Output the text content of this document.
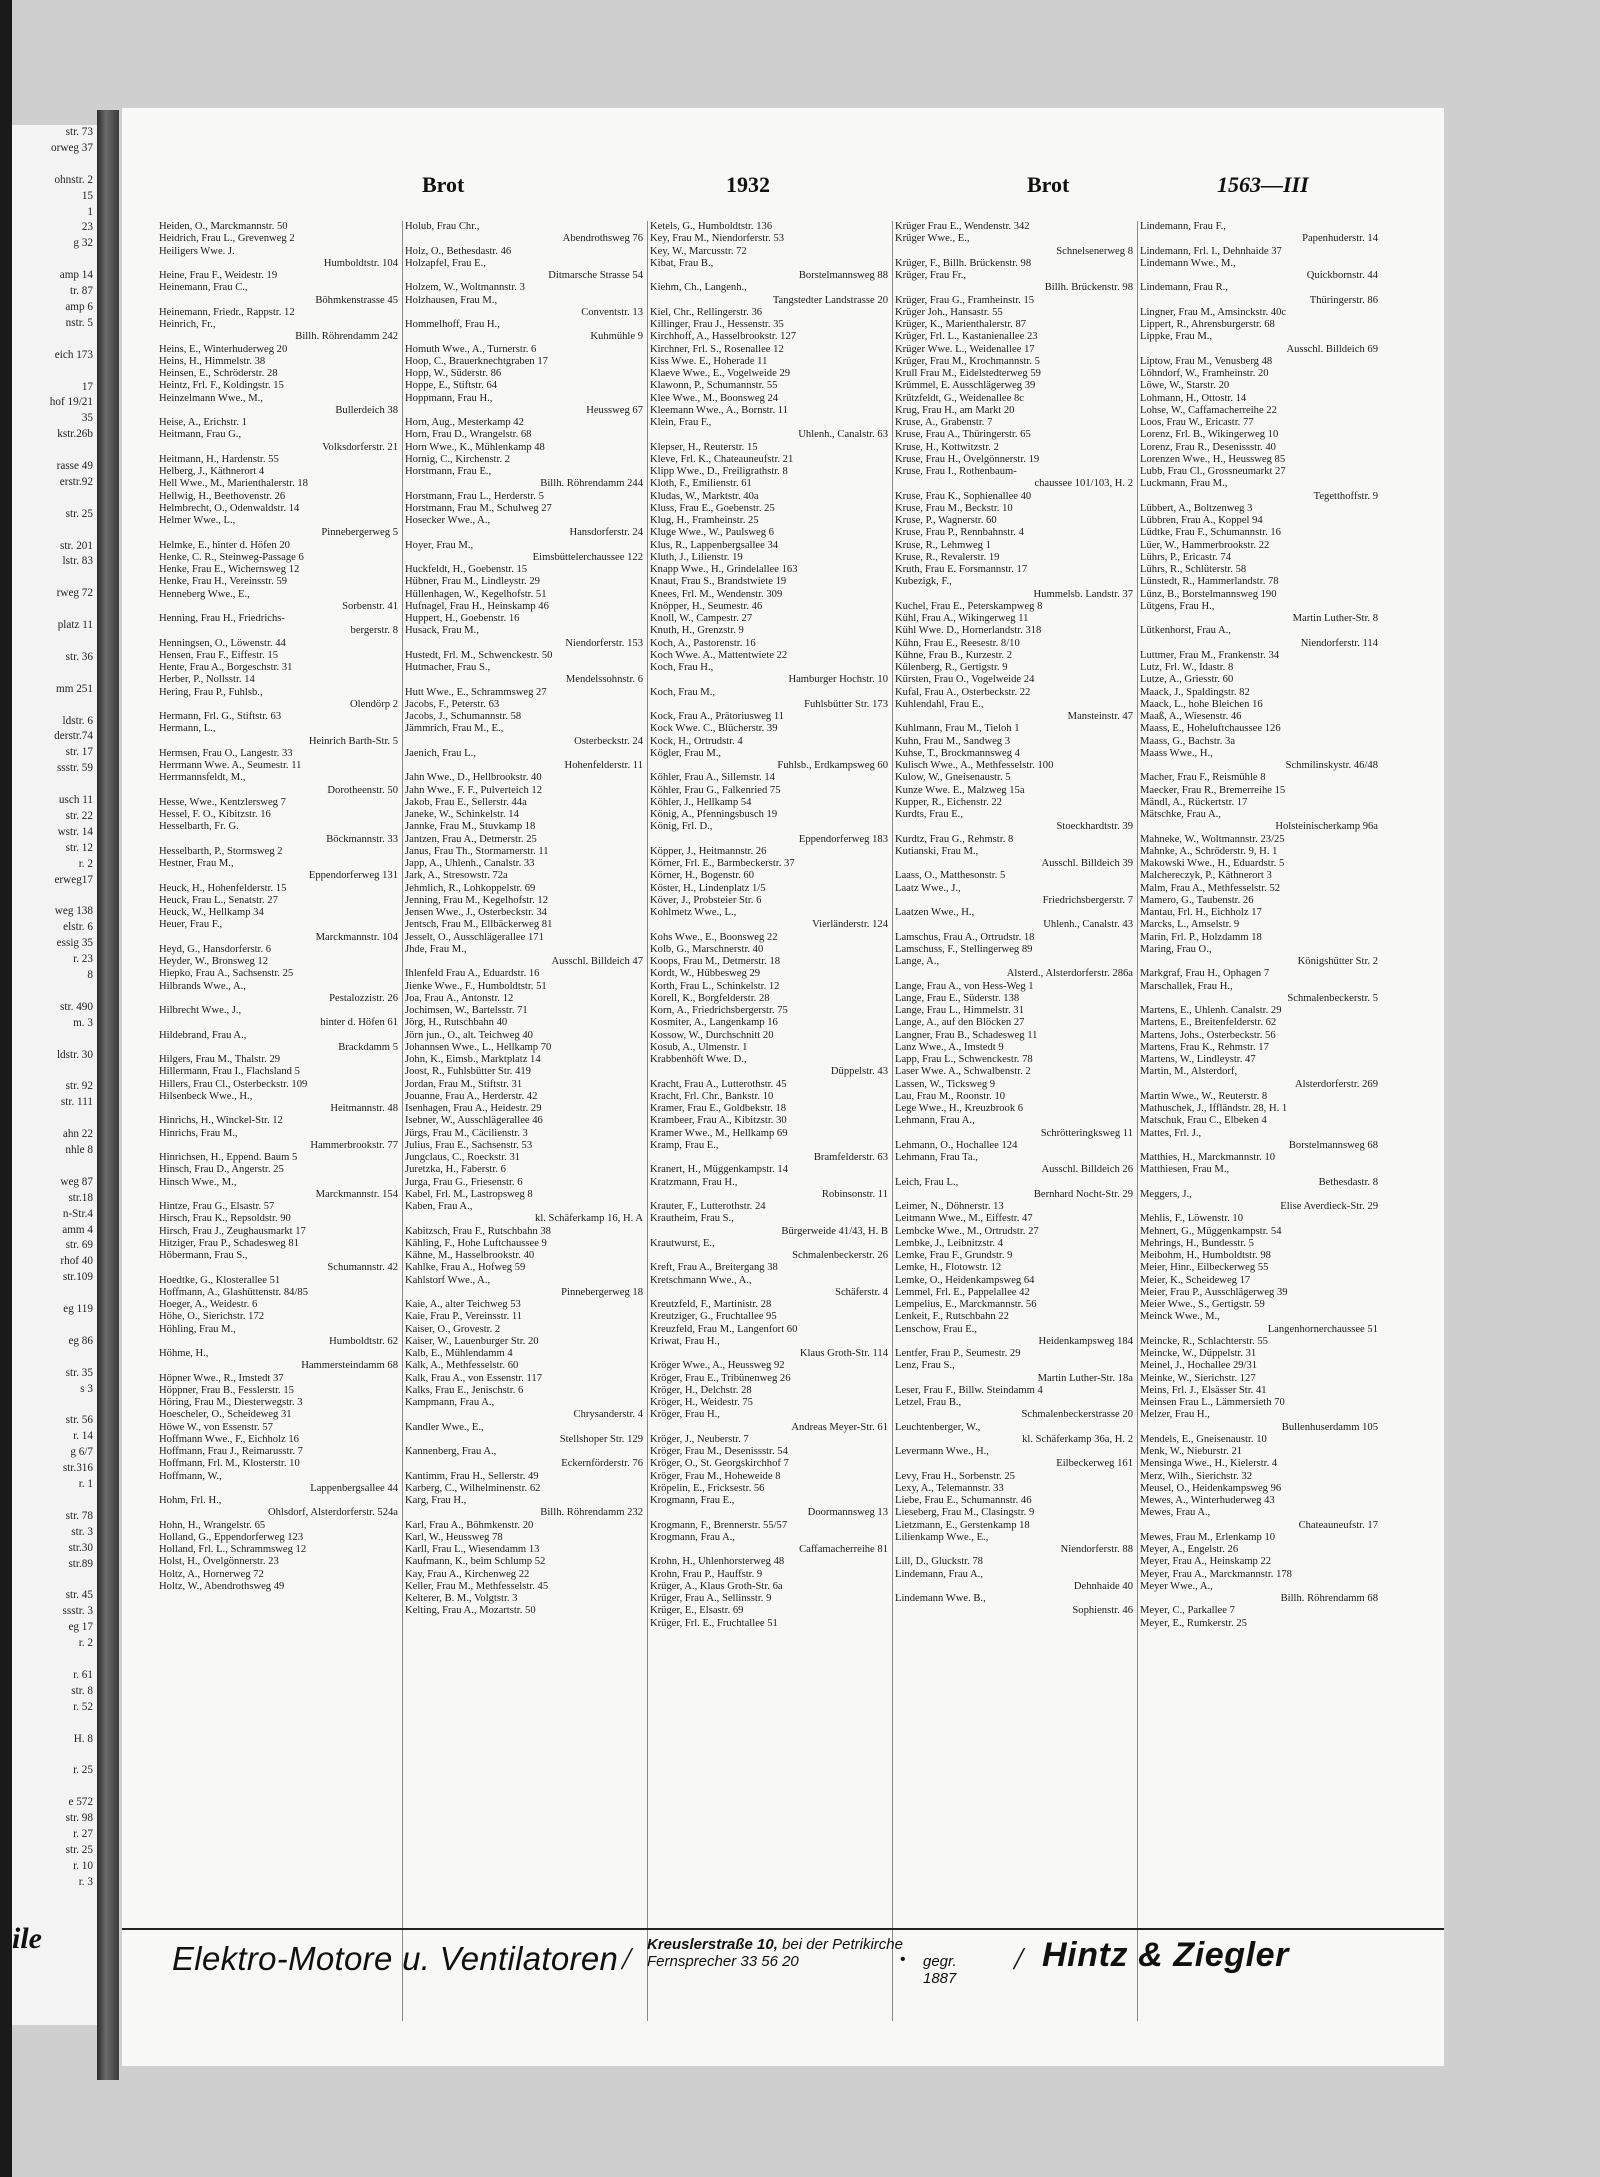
str. 73
orweg 37

ohnstr. 2
15
1
23
g 32

amp 14
tr. 87
amp 6
nstr. 5

eich 173

17
hof 19/21
35
kstr.26b

rasse 49
erstr.92

str. 25

str. 201
lstr. 83

rweg 72

platz 11

str. 36

mm 251

ldstr. 6
derstr.74
str. 17
ssstr. 59

usch 11
str. 22
wstr. 14
str. 12
r. 2
erweg17

weg 138
elstr. 6
essig 35
r. 23
8

str. 490
m. 3

ldstr. 30

str. 92
str. 111

ahn 22
nhle 8

weg 87
str.18
n-Str.4
amm 4
str. 69
rhof 40
str.109

eg 119

eg 86

str. 35
s 3

str. 56
r. 14
g 6/7
str.316
r. 1

str. 78
str. 3
str.30
str.89

str. 45
ssstr. 3
eg 17
r. 2

r. 61
str. 8
r. 52

H. 8

r. 25

e 572
str. 98
r. 27
str. 25
r. 10
r. 3
ile
Brot	1932	Brot	1563—III
Heiden, O., Marckmannstr. 50
Heidrich, Frau L., Grevenweg 2
Heiligers Wwe. J.
Humboldtstr. 104
Heine, Frau F., Weidestr. 19
Heinemann, Frau C.,
Böhmkenstrasse 45
Heinemann, Friedr., Rappstr. 12
Heinrich, Fr.,
Billh. Röhrendamm 242
Heins, E., Winterhuderweg 20
Heins, H., Himmelstr. 38
Heinsen, E., Schröderstr. 28
Heintz, Frl. F., Koldingstr. 15
Heinzelmann Wwe., M.,
Bullerdeich 38
Heise, A., Erichstr. 1
Heitmann, Frau G.,
Volksdorferstr. 21
Heitmann, H., Hardenstr. 55
Helberg, J., Käthnerort 4
Hell Wwe., M., Marienthalerstr. 18
Hellwig, H., Beethovenstr. 26
Helmbrecht, O., Odenwaldstr. 14
Helmer Wwe., L.,
Pinnebergerweg 5
Helmke, E., hinter d. Höfen 20
Henke, C. R., Steinweg-Passage 6
Henke, Frau E., Wichernsweg 12
Henke, Frau H., Vereinsstr. 59
Henneberg Wwe., E.,
Sorbenstr. 41
Henning, Frau H., Friedrichs-
bergerstr. 8
Henningsen, O., Löwenstr. 44
Hensen, Frau F., Eiffestr. 15
Hente, Frau A., Borgeschstr. 31
Herber, P., Nollsstr. 14
Hering, Frau P., Fuhlsb.,
Olendörp 2
Hermann, Frl. G., Stiftstr. 63
Hermann, L.,
Heinrich Barth-Str. 5
Hermsen, Frau O., Langestr. 33
Herrmann Wwe. A., Seumestr. 11
Herrmannsfeldt, M.,
Dorotheenstr. 50
Hesse, Wwe., Kentzlersweg 7
Hessel, F. O., Kibitzstr. 16
Hesselbarth, Fr. G.
Böckmannstr. 33
Hesselbarth, P., Stormsweg 2
Hestner, Frau M.,
Eppendorferweg 131
Heuck, H., Hohenfelderstr. 15
Heuck, Frau L., Senatstr. 27
Heuck, W., Hellkamp 34
Heuer, Frau F.,
Marckmannstr. 104
Heyd, G., Hansdorferstr. 6
Heyder, W., Bronsweg 12
Hiepko, Frau A., Sachsenstr. 25
Hilbrands Wwe., A.,
Pestalozzistr. 26
Hilbrecht Wwe., J.,
hinter d. Höfen 61
Hildebrand, Frau A.,
Brackdamm 5
Hilgers, Frau M., Thalstr. 29
Hillermann, Frau I., Flachsland 5
Hillers, Frau Cl., Osterbeckstr. 109
Hilsenbeck Wwe., H.,
Heitmannstr. 48
Hinrichs, H., Winckel-Str. 12
Hinrichs, Frau M.,
Hammerbrookstr. 77
Hinrichsen, H., Eppend. Baum 5
Hinsch, Frau D., Angerstr. 25
Hinsch Wwe., M.,
Marckmannstr. 154
Hintze, Frau G., Elsastr. 57
Hirsch, Frau K., Repsoldstr. 90
Hirsch, Frau J., Zeughausmarkt 17
Hitziger, Frau P., Schadesweg 81
Höbermann, Frau S.,
Schumannstr. 42
Hoedtke, G., Klosterallee 51
Hoffmann, A., Glashüttenstr. 84/85
Hoeger, A., Weidestr. 6
Höhe, O., Sierichstr. 172
Höhling, Frau M.,
Humboldtstr. 62
Höhme, H.,
Hammersteindamm 68
Höpner Wwe., R., Imstedt 37
Höppner, Frau B., Fesslerstr. 15
Höring, Frau M., Diesterwegstr. 3
Hoescheler, O., Scheideweg 31
Höwe W., von Essenstr. 57
Hoffmann Wwe., F., Eichholz 16
Hoffmann, Frau J., Reimarusstr. 7
Hoffmann, Frl. M., Klosterstr. 10
Hoffmann, W.,
Lappenbergsallee 44
Hohm, Frl. H.,
Ohlsdorf, Alsterdorferstr. 524a
Hohn, H., Wrangelstr. 65
Holland, G., Eppendorferweg 123
Holland, Frl. L., Schrammsweg 12
Holst, H., Övelgönnerstr. 23
Holtz, A., Hornerweg 72
Holtz, W., Abendrothsweg 49
Holub, Frau Chr.,
Abendrothsweg 76
Holz, O., Bethesdastr. 46
Holzapfel, Frau E.,
Ditmarsche Strasse 54
Holzem, W., Woltmannstr. 3
Holzhausen, Frau M.,
Conventstr. 13
Hommelhoff, Frau H.,
Kuhmühle 9
Homuth Wwe., A., Turnerstr. 6
Hoop, C., Brauerknechtgraben 17
Hopp, W., Süderstr. 86
Hoppe, E., Stiftstr. 64
Hoppmann, Frau H.,
Heussweg 67
Horn, Aug., Mesterkamp 42
Horn, Frau D., Wrangelstr. 68
Horn Wwe., K., Mühlenkamp 48
Hornig, C., Kirchenstr. 2
Horstmann, Frau E.,
Billh. Röhrendamm 244
Horstmann, Frau L., Herderstr. 5
Horstmann, Frau M., Schulweg 27
Hosecker Wwe., A.,
Hansdorferstr. 24
Hoyer, Frau M.,
Eimsbüttelerchaussee 122
Huckfeldt, H., Goebenstr. 15
Hübner, Frau M., Lindleystr. 29
Hüllenhagen, W., Kegelhofstr. 51
Hufnagel, Frau H., Heinskamp 46
Huppert, H., Goebenstr. 16
Husack, Frau M.,
Niendorferstr. 153
Hustedt, Frl. M., Schwenckestr. 50
Hutmacher, Frau S.,
Mendelssohnstr. 6
Hutt Wwe., E., Schrammsweg 27
Jacobs, F., Peterstr. 63
Jacobs, J., Schumannstr. 58
Jämmrich, Frau M., E.,
Osterbeckstr. 24
Jaenich, Frau L.,
Hohenfelderstr. 11
Jahn Wwe., D., Hellbrookstr. 40
Jahn Wwe., F. F., Pulverteich 12
Jakob, Frau E., Sellerstr. 44a
Janeke, W., Schinkelstr. 14
Jannke, Frau M., Stuvkamp 18
Jantzen, Frau A., Detmerstr. 25
Janus, Frau Th., Stormarnerstr. 11
Japp, A., Uhlenh., Canalstr. 33
Jark, A., Stresowstr. 72a
Jehmlich, R., Lohkoppelstr. 69
Jenning, Frau M., Kegelhofstr. 12
Jensen Wwe., J., Osterbeckstr. 34
Jentsch, Frau M., Ellbäckerweg 81
Jesselt, O., Ausschlägerallee 171
Jhde, Frau M.,
Ausschl. Billdeich 47
Ihlenfeld Frau A., Eduardstr. 16
Jienke Wwe., F., Humboldtstr. 51
Joa, Frau A., Antonstr. 12
Jochimsen, W., Bartelsstr. 71
Jörg, H., Rutschbahn 40
Jörn jun., O., alt. Teichweg 40
Johannsen Wwe., L., Hellkamp 70
John, K., Eimsb., Marktplatz 14
Joost, R., Fuhlsbütter Str. 419
Jordan, Frau M., Stiftstr. 31
Jouanne, Frau A., Herderstr. 42
Isenhagen, Frau A., Heidestr. 29
Isebner, W., Ausschlägerallee 46
Jürgs, Frau M., Cäcilienstr. 3
Julius, Frau E., Sachsenstr. 53
Jungclaus, C., Roeckstr. 31
Juretzka, H., Faberstr. 6
Jurga, Frau G., Friesenstr. 6
Kabel, Frl. M., Lastropsweg 8
Kaben, Frau A.,
kl. Schäferkamp 16, H. A
Kabitzsch, Frau F., Rutschbahn 38
Kähling, F., Hohe Luftchaussee 9
Kähne, M., Hasselbrookstr. 40
Kahlke, Frau A., Hofweg 59
Kahlstorf Wwe., A.,
Pinnebergerweg 18
Kaie, A., alter Teichweg 53
Kaie, Frau P., Vereinsstr. 11
Kaiser, O., Grovestr. 2
Kaiser, W., Lauenburger Str. 20
Kalb, E., Mühlendamm 4
Kalk, A., Methfesselstr. 60
Kalk, Frau A., von Essenstr. 117
Kalks, Frau E., Jenischstr. 6
Kampmann, Frau A.,
Chrysanderstr. 4
Kandler Wwe., E.,
Stellshoper Str. 129
Kannenberg, Frau A.,
Eckernförderstr. 76
Kantimm, Frau H., Sellerstr. 49
Karberg, C., Wilhelminenstr. 62
Karg, Frau H.,
Billh. Röhrendamm 232
Karl, Frau A., Böhmkenstr. 20
Karl, W., Heussweg 78
Karll, Frau L., Wiesendamm 13
Kaufmann, K., beim Schlump 52
Kay, Frau A., Kirchenweg 22
Keller, Frau M., Methfesselstr. 45
Kelterer, B. M., Volgtstr. 3
Kelting, Frau A., Mozartstr. 50
Ketels, G., Humboldtstr. 136
Key, Frau M., Niendorferstr. 53
Key, W., Marcusstr. 72
Kibat, Frau B.,
Borstelmannsweg 88
Kiehm, Ch., Langenh.,
Tangstedter Landstrasse 20
Kiel, Chr., Rellingerstr. 36
Killinger, Frau J., Hessenstr. 35
Kirchhoff, A., Hasselbrookstr. 127
Kirchner, Frl. S., Rosenallee 12
Kiss Wwe. E., Hoherade 11
Klaeve Wwe., E., Vogelweide 29
Klawonn, P., Schumannstr. 55
Klee Wwe., M., Boonsweg 24
Kleemann Wwe., A., Bornstr. 11
Klein, Frau F.,
Uhlenh., Canalstr. 63
Klepser, H., Reuterstr. 15
Kleve, Frl. K., Chateauneufstr. 21
Klipp Wwe., D., Freiligrathstr. 8
Kloth, F., Emilienstr. 61
Kludas, W., Marktstr. 40a
Kluss, Frau E., Goebenstr. 25
Klug, H., Framheinstr. 25
Kluge Wwe., W., Paulsweg 6
Klus, R., Lappenbergsallee 34
Kluth, J., Lilienstr. 19
Knapp Wwe., H., Grindelallee 163
Knaut, Frau S., Brandstwiete 19
Knees, Frl. M., Wendenstr. 309
Knöpper, H., Seumestr. 46
Knoll, W., Campestr. 27
Knuth, H., Grenzstr. 9
Koch, A., Pastorenstr. 16
Koch Wwe. A., Mattentwiete 22
Koch, Frau H.,
Hamburger Hochstr. 10
Koch, Frau M.,
Fuhlsbütter Str. 173
Kock, Frau A., Prätoriusweg 11
Kock Wwe. C., Blücherstr. 39
Kock, H., Ortrudstr. 4
Kögler, Frau M.,
Fuhlsb., Erdkampsweg 60
Köhler, Frau A., Sillemstr. 14
Köhler, Frau G., Falkenried 75
Köhler, J., Hellkamp 54
König, A., Pfenningsbusch 19
König, Frl. D.,
Eppendorferweg 183
Köpper, J., Heitmannstr. 26
Körner, Frl. E., Barmbeckerstr. 37
Körner, H., Bogenstr. 60
Köster, H., Lindenplatz 1/5
Köver, J., Probsteier Str. 6
Kohlmetz Wwe., L.,
Vierländerstr. 124
Kohs Wwe., E., Boonsweg 22
Kolb, G., Marschnerstr. 40
Koops, Frau M., Detmerstr. 18
Kordt, W., Hübbesweg 29
Korth, Frau L., Schinkelstr. 12
Korell, K., Borgfelderstr. 28
Korn, A., Friedrichsbergerstr. 75
Kosmiter, A., Langenkamp 16
Kossow, W., Durchschnitt 20
Kosub, A., Ulmenstr. 1
Krabbenhöft Wwe. D.,
Düppelstr. 43
Kracht, Frau A., Lutterothstr. 45
Kracht, Frl. Chr., Bankstr. 10
Kramer, Frau E., Goldbekstr. 18
Krambeer, Frau A., Kibitzstr. 30
Kramer Wwe., M., Hellkamp 69
Kramp, Frau E.,
Bramfelderstr. 63
Kranert, H., Müggenkampstr. 14
Kratzmann, Frau H.,
Robinsonstr. 11
Krauter, F., Lutterothstr. 24
Krautheim, Frau S.,
Bürgerweide 41/43, H. B
Krautwurst, E.,
Schmalenbeckerstr. 26
Kreft, Frau A., Breitergang 38
Kretschmann Wwe., A.,
Schäferstr. 4
Kreutzfeld, F., Martinistr. 28
Kreutziger, G., Fruchtallee 95
Kreuzfeld, Frau M., Langenfort 60
Kriwat, Frau H.,
Klaus Groth-Str. 114
Kröger Wwe., A., Heussweg 92
Kröger, Frau E., Tribünenweg 26
Kröger, H., Delchstr. 28
Kröger, H., Weidestr. 75
Kröger, Frau H.,
Andreas Meyer-Str. 61
Kröger, J., Neuberstr. 7
Kröger, Frau M., Desenissstr. 54
Kröger, O., St. Georgskirchhof 7
Kröger, Frau M., Hoheweide 8
Kröpelin, E., Fricksestr. 56
Krogmann, Frau E.,
Doormannsweg 13
Krogmann, F., Brennerstr. 55/57
Krogmann, Frau A.,
Caffamacherreihe 81
Krohn, H., Uhlenhorsterweg 48
Krohn, Frau P., Hauffstr. 9
Krüger, A., Klaus Groth-Str. 6a
Krüger, Frau A., Sellinsstr. 9
Krüger, E., Elsastr. 69
Krüger, Frl. E., Fruchtallee 51
Krüger Frau E., Wendenstr. 342
Krüger Wwe., E.,
Schnelsenerweg 8
Krüger, F., Billh. Brückenstr. 98
Krüger, Frau Fr.,
Billh. Brückenstr. 98
Krüger, Frau G., Framheinstr. 15
Krüger Joh., Hansastr. 55
Krüger, K., Marienthalerstr. 87
Krüger, Frl. L., Kastanienallee 23
Krüger Wwe. L., Weidenallee 17
Krüger, Frau M., Krochmannstr. 5
Krull Frau M., Eidelstedterweg 59
Krümmel, E. Ausschlägerweg 39
Krützfeldt, G., Weidenallee 8c
Krug, Frau H., am Markt 20
Kruse, A., Grabenstr. 7
Kruse, Frau A., Thüringerstr. 65
Kruse, H., Kottwitzstr. 2
Kruse, Frau H., Övelgönnerstr. 19
Kruse, Frau I., Rothenbaum-
chaussee 101/103, H. 2
Kruse, Frau K., Sophienallee 40
Kruse, Frau M., Beckstr. 10
Kruse, P., Wagnerstr. 60
Kruse, Frau P., Rennbahnstr. 4
Kruse, R., Lehmweg 1
Kruse, R., Revalerstr. 19
Kruth, Frau E. Forsmannstr. 17
Kubezigk, F.,
Hummelsb. Landstr. 37
Kuchel, Frau E., Peterskampweg 8
Kühl, Frau A., Wikingerweg 11
Kühl Wwe. D., Hornerlandstr. 318
Kühn, Frau E., Reesestr. 8/10
Kühne, Frau B., Kurzestr. 2
Külenberg, R., Gertigstr. 9
Kürsten, Frau O., Vogelweide 24
Kufal, Frau A., Osterbeckstr. 22
Kuhlendahl, Frau E.,
Mansteinstr. 47
Kuhlmann, Frau M., Tieloh 1
Kuhn, Frau M., Sandweg 3
Kuhse, T., Brockmannsweg 4
Kulisch Wwe., A., Methfesselstr. 100
Kulow, W., Gneisenaustr. 5
Kunze Wwe. E., Malzweg 15a
Kupper, R., Eichenstr. 22
Kurdts, Frau E.,
Stoeckhardtstr. 39
Kurdtz, Frau G., Rehmstr. 8
Kutianski, Frau M.,
Ausschl. Billdeich 39
Laass, O., Matthesonstr. 5
Laatz Wwe., J.,
Friedrichsbergerstr. 7
Laatzen Wwe., H.,
Uhlenh., Canalstr. 43
Lamschus, Frau A., Ortrudstr. 18
Lamschuss, F., Stellingerweg 89
Lange, A.,
Alsterd., Alsterdorferstr. 286a
Lange, Frau A., von Hess-Weg 1
Lange, Frau E., Süderstr. 138
Lange, Frau L., Himmelstr. 31
Lange, A., auf den Blöcken 27
Langner, Frau B., Schadesweg 11
Lanz Wwe., A., Imstedt 9
Lapp, Frau L., Schwenckestr. 78
Laser Wwe. A., Schwalbenstr. 2
Lassen, W., Ticksweg 9
Lau, Frau M., Roonstr. 10
Lege Wwe., H., Kreuzbrook 6
Lehmann, Frau A.,
Schrötteringksweg 11
Lehmann, O., Hochallee 124
Lehmann, Frau Ta.,
Ausschl. Billdeich 26
Leich, Frau L.,
Bernhard Nocht-Str. 29
Leimer, N., Döhnerstr. 13
Leitmann Wwe., M., Eiffestr. 47
Lembcke Wwe., M., Ortrudstr. 27
Lembke, J., Leibnitzstr. 4
Lemke, Frau F., Grundstr. 9
Lemke, H., Flotowstr. 12
Lemke, O., Heidenkampsweg 64
Lemmel, Frl. E., Pappelallee 42
Lempelius, E., Marckmannstr. 56
Lenkeit, F., Rutschbahn 22
Lenschow, Frau E.,
Heidenkampsweg 184
Lentfer, Frau P., Seumestr. 29
Lenz, Frau S.,
Martin Luther-Str. 18a
Leser, Frau F., Billw. Steindamm 4
Letzel, Frau B.,
Schmalenbeckerstrasse 20
Leuchtenberger, W.,
kl. Schäferkamp 36a, H. 2
Levermann Wwe., H.,
Eilbeckerweg 161
Levy, Frau H., Sorbenstr. 25
Lexy, A., Telemannstr. 33
Liebe, Frau E., Schumannstr. 46
Lieseberg, Frau M., Clasingstr. 9
Lietzmann, E., Gerstenkamp 18
Lilienkamp Wwe., E.,
Niendorferstr. 88
Lill, D., Gluckstr. 78
Lindemann, Frau A.,
Dehnhaide 40
Lindemann Wwe. B.,
Sophienstr. 46
Lindemann, Frau F.,
Papenhuderstr. 14
Lindemann, Frl. I., Dehnhaide 37
Lindemann Wwe., M.,
Quickbornstr. 44
Lindemann, Frau R.,
Thüringerstr. 86
Lingner, Frau M., Amsinckstr. 40c
Lippert, R., Ahrensburgerstr. 68
Lippke, Frau M.,
Ausschl. Billdeich 69
Liptow, Frau M., Venusberg 48
Löhndorf, W., Framheinstr. 20
Löwe, W., Starstr. 20
Lohmann, H., Ottostr. 14
Lohse, W., Caffamacherreihe 22
Loos, Frau W., Ericastr. 77
Lorenz, Frl. B., Wikingerweg 10
Lorenz, Frau R., Desenissstr. 40
Lorenzen Wwe., H., Heussweg 85
Lubb, Frau Cl., Grossneumarkt 27
Luckmann, Frau M.,
Tegetthoffstr. 9
Lübbert, A., Boltzenweg 3
Lübbren, Frau A., Koppel 94
Lüdtke, Frau F., Schumannstr. 16
Lüer, W., Hammerbrookstr. 22
Lührs, P., Ericastr. 74
Lührs, R., Schlüterstr. 58
Lünstedt, R., Hammerlandstr. 78
Lünz, B., Borstelmannsweg 190
Lütgens, Frau H.,
Martin Luther-Str. 8
Lütkenhorst, Frau A.,
Niendorferstr. 114
Luttmer, Frau M., Frankenstr. 34
Lutz, Frl. W., Idastr. 8
Lutze, A., Griesstr. 60
Maack, J., Spaldingstr. 82
Maack, L., hohe Bleichen 16
Maaß, A., Wiesenstr. 46
Maass, E., Hoheluftchaussee 126
Maass, G., Bachstr. 3a
Maass Wwe., H.,
Schmilinskystr. 46/48
Macher, Frau F., Reismühle 8
Maecker, Frau R., Bremerreihe 15
Mändl, A., Rückertstr. 17
Mätschke, Frau A.,
Holsteinischerkamp 96a
Mahneke, W., Woltmannstr. 23/25
Mahnke, A., Schröderstr. 9, H. 1
Makowski Wwe., H., Eduardstr. 5
Malchereczyk, P., Käthnerort 3
Malm, Frau A., Methfesselstr. 52
Mamero, G., Taubenstr. 26
Mantau, Frl. H., Eichholz 17
Marcks, L., Amselstr. 9
Marin, Frl. P., Holzdamm 18
Maring, Frau O.,
Königshütter Str. 2
Markgraf, Frau H., Ophagen 7
Marschallek, Frau H.,
Schmalenbeckerstr. 5
Martens, E., Uhlenh. Canalstr. 29
Martens, E., Breitenfelderstr. 62
Martens, Johs., Osterbeckstr. 56
Martens, Frau K., Rehmstr. 17
Martens, W., Lindleystr. 47
Martin, M., Alsterdorf,
Alsterdorferstr. 269
Martin Wwe., W., Reuterstr. 8
Mathuschek, J., Iffländstr. 28, H. 1
Matschuk, Frau C., Elbeken 4
Mattes, Frl. J.,
Borstelmannsweg 68
Matthies, H., Marckmannstr. 10
Matthiesen, Frau M.,
Bethesdastr. 8
Meggers, J.,
Elise Averdieck-Str. 29
Mehlis, F., Löwenstr. 10
Mehnert, G., Müggenkampstr. 54
Mehrings, H., Bundesstr. 5
Meibohm, H., Humboldtstr. 98
Meier, Hinr., Eilbeckerweg 55
Meier, K., Scheideweg 17
Meier, Frau P., Ausschlägerweg 39
Meier Wwe., S., Gertigstr. 59
Meinck Wwe., M.,
Langenhornerchaussee 51
Meincke, R., Schlachterstr. 55
Meincke, W., Düppelstr. 31
Meinel, J., Hochallee 29/31
Meinke, W., Sierichstr. 127
Meins, Frl. J., Elsässer Str. 41
Meinsen Frau L., Lämmersieth 70
Melzer, Frau H.,
Bullenhuserdamm 105
Mendels, E., Gneisenaustr. 10
Menk, W., Nieburstr. 21
Mensinga Wwe., H., Kielerstr. 4
Merz, Wilh., Sierichstr. 32
Meusel, O., Heidenkampsweg 96
Mewes, A., Winterhuderweg 43
Mewes, Frau A.,
Chateauneufstr. 17
Mewes, Frau M., Erlenkamp 10
Meyer, A., Engelstr. 26
Meyer, Frau A., Heinskamp 22
Meyer, Frau A., Marckmannstr. 178
Meyer Wwe., A.,
Billh. Röhrendamm 68
Meyer, C., Parkallee 7
Meyer, E., Rumkerstr. 25
Elektro-Motore u. Ventilatoren / Kreuslerstraße 10, bei der Petrikirche
Fernsprecher 33 56 20	• gegr. 1887
/ Hintz & Ziegler
